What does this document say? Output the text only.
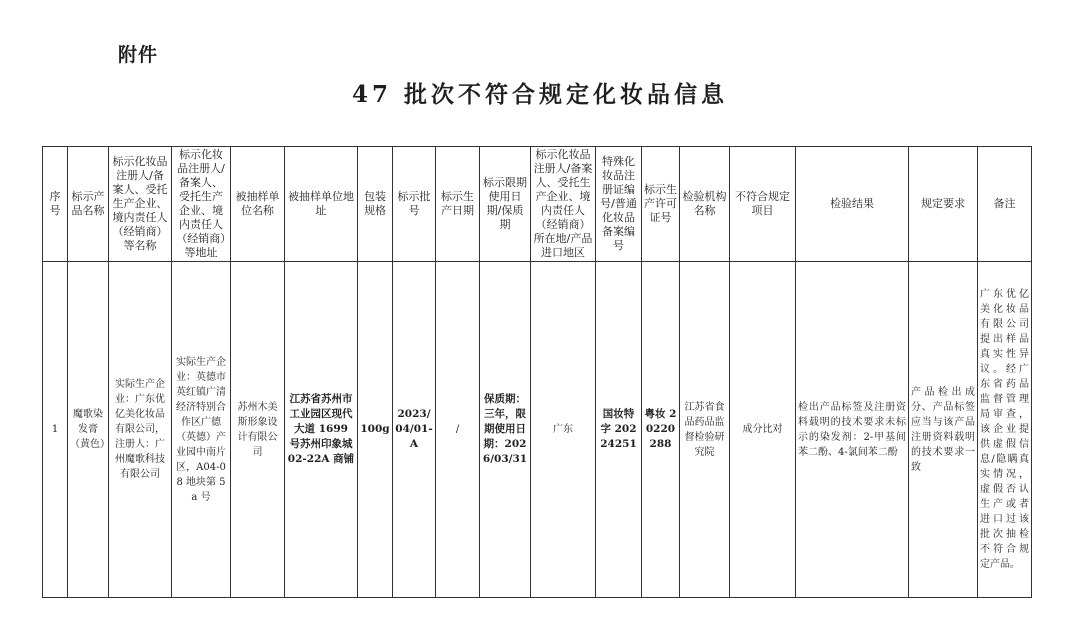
附件
47 批次不符合规定化妆品信息
序号	标示产品名称	标示化妆品注册人/备案人、受托生产企业、境内责任人（经销商）等名称	标示化妆品注册人/备案人、受托生产企业、境内责任人（经销商）等地址	被抽样单位名称	被抽样单位地址	包装规格	标示批号	标示生产日期	标示限期使用日期/保质期	标示化妆品注册人/备案人、受托生产企业、境内责任人（经销商）所在地/产品进口地区	特殊化妆品注册证编号/普通化妆品备案编号	标示生产许可证号	检验机构名称	不符合规定项目	检验结果	规定要求	备注
1	魔歌染发膏（黄色）	实际生产企业：广东优亿美化妆品有限公司，注册人：广州魔歌科技有限公司	实际生产企业：英德市英红镇广清经济特别合作区广德（英德）产业园中南片区，A04-08 地块第 5a 号	苏州木美斯形象设计有限公司	江苏省苏州市工业园区现代大道 1699 号苏州印象城 02-22A 商铺	100g	2023/04/01-A	/	保质期：三年，限期使用日期：2026/03/31	广东	国妆特字 20224251	粤妆 20220288	江苏省食品药品监督检验研究院	成分比对	检出产品标签及注册资料载明的技术要求未标示的染发剂：2-甲基间苯二酚、4-氯间苯二酚	产品检出成分、产品标签应当与该产品注册资料载明的技术要求一致	广东优亿美化妆品有限公司提出样品真实性异议。经广东省药品监督管理局审查，该企业提供虚假信息/隐瞒真实情况，虚假否认生产或者进口过该批次抽检不符合规定产品。
